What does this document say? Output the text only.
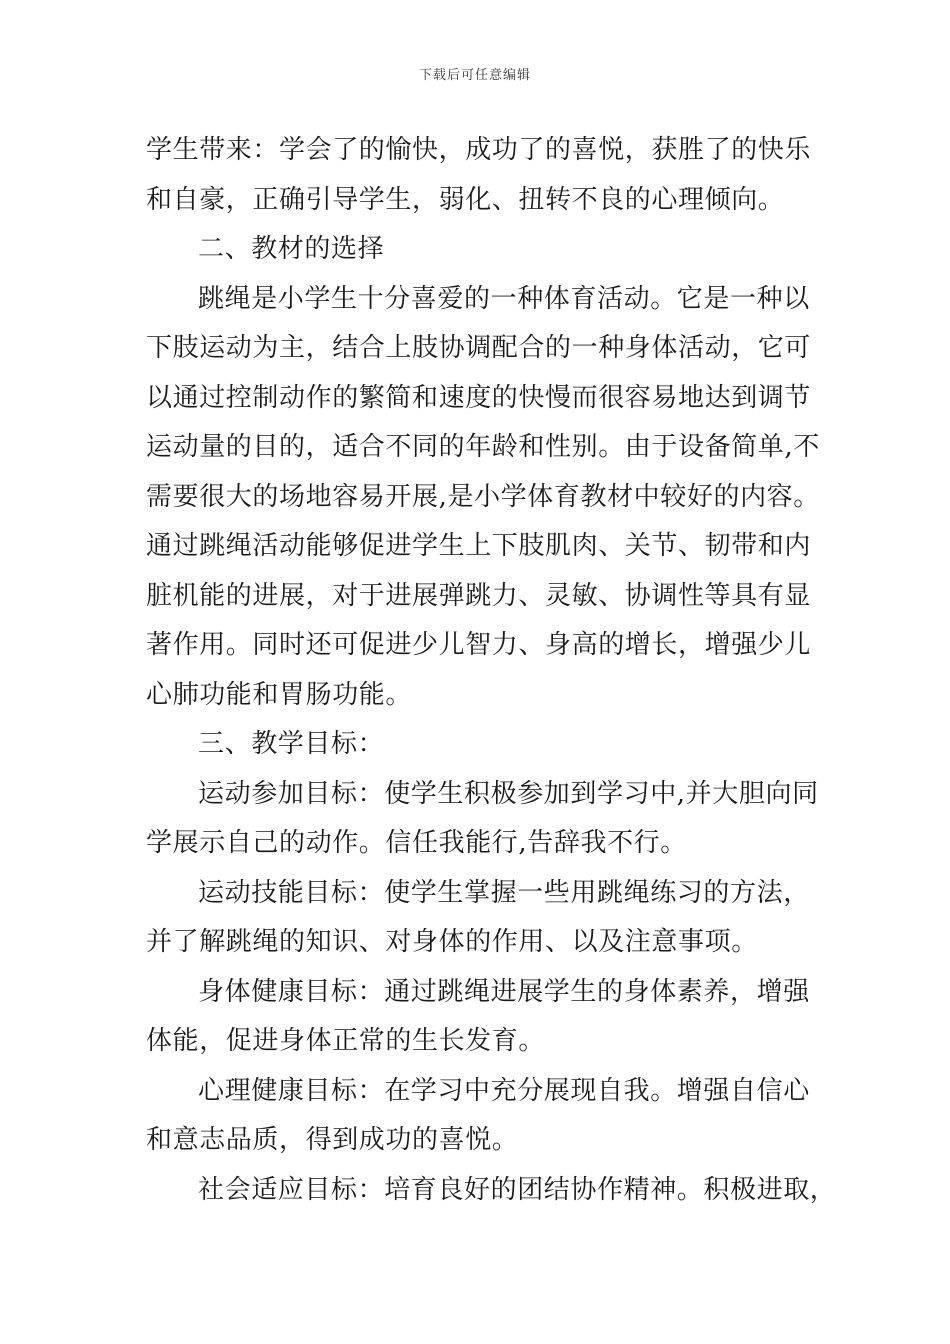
下载后可任意编辑
学生带来：学会了的愉快，成功了的喜悦，获胜了的快乐
和自豪，正确引导学生，弱化、扭转不良的心理倾向。
二、教材的选择
跳绳是小学生十分喜爱的一种体育活动。它是一种以
下肢运动为主，结合上肢协调配合的一种身体活动，它可
以通过控制动作的繁简和速度的快慢而很容易地达到调节
运动量的目的，适合不同的年龄和性别。由于设备简单,不
需要很大的场地容易开展,是小学体育教材中较好的内容。
通过跳绳活动能够促进学生上下肢肌肉、关节、韧带和内
脏机能的进展，对于进展弹跳力、灵敏、协调性等具有显
著作用。同时还可促进少儿智力、身高的增长，增强少儿
心肺功能和胃肠功能。
三、教学目标：
运动参加目标：使学生积极参加到学习中,并大胆向同
学展示自己的动作。信任我能行,告辞我不行。
运动技能目标：使学生掌握一些用跳绳练习的方法，
并了解跳绳的知识、对身体的作用、以及注意事项。
身体健康目标：通过跳绳进展学生的身体素养，增强
体能，促进身体正常的生长发育。
心理健康目标：在学习中充分展现自我。增强自信心
和意志品质，得到成功的喜悦。
社会适应目标：培育良好的团结协作精神。积极进取，
